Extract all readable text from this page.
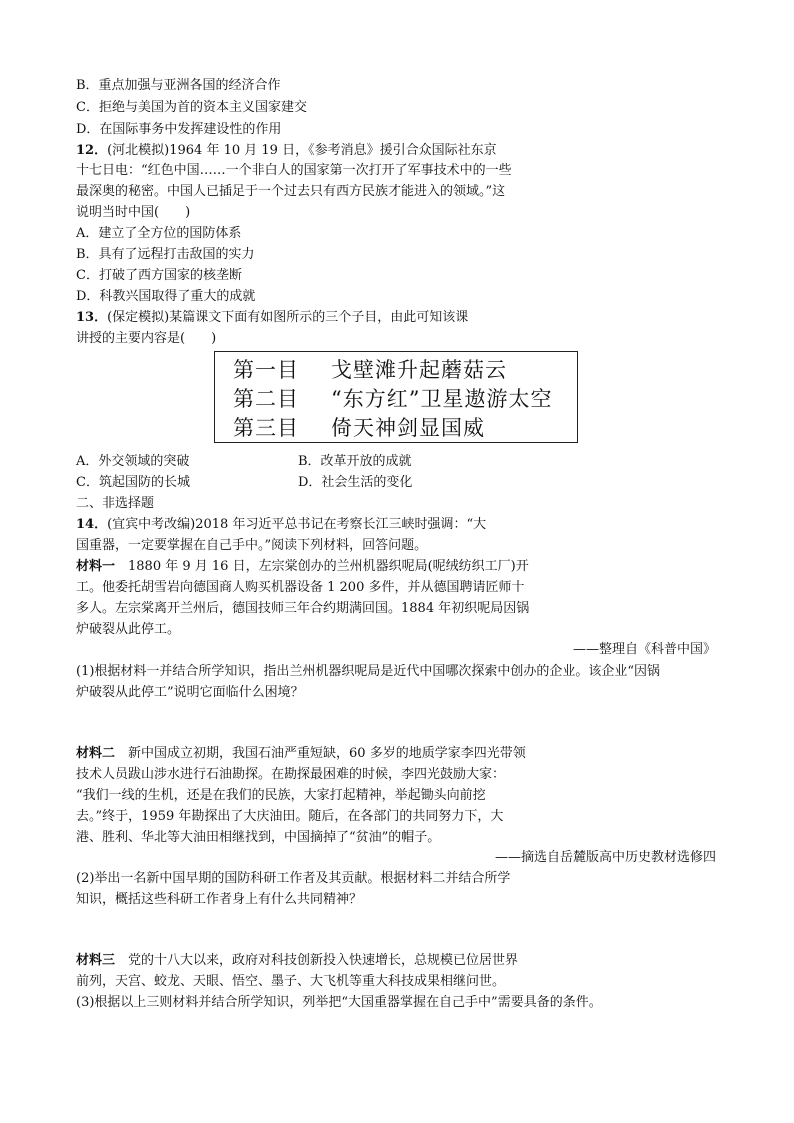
B．重点加强与亚洲各国的经济合作
C．拒绝与美国为首的资本主义国家建交
D．在国际事务中发挥建设性的作用
12．(河北模拟)1964 年 10 月 19 日，《参考消息》援引合众国际社东京
十七日电：“红色中国……一个非白人的国家第一次打开了军事技术中的一些
最深奥的秘密。中国人已插足于一个过去只有西方民族才能进入的领域。”这
说明当时中国(　　)
A．建立了全方位的国防体系
B．具有了远程打击敌国的实力
C．打破了西方国家的核垄断
D．科教兴国取得了重大的成就
13．(保定模拟)某篇课文下面有如图所示的三个子目，由此可知该课
讲授的主要内容是(　　)
第一目 戈壁滩升起蘑菇云
第二目 “东方红”卫星遨游太空
第三目 倚天神剑显国威
A．外交领域的突破	B．改革开放的成就
C．筑起国防的长城	D．社会生活的变化
二、非选择题
14．(宜宾中考改编)2018 年习近平总书记在考察长江三峡时强调：“大
国重器，一定要掌握在自己手中。”阅读下列材料，回答问题。
材料一　1880 年 9 月 16 日，左宗棠创办的兰州机器织呢局(呢绒纺织工厂)开
工。他委托胡雪岩向德国商人购买机器设备 1 200 多件，并从德国聘请匠师十
多人。左宗棠离开兰州后，德国技师三年合约期满回国。1884 年初织呢局因锅
炉破裂从此停工。
——整理自《科普中国》
(1)根据材料一并结合所学知识，指出兰州机器织呢局是近代中国哪次探索中创办的企业。该企业“因锅
炉破裂从此停工”说明它面临什么困境？
材料二　新中国成立初期，我国石油严重短缺，60 多岁的地质学家李四光带领
技术人员跋山涉水进行石油勘探。在勘探最困难的时候，李四光鼓励大家：
“我们一线的生机，还是在我们的民族，大家打起精神，举起锄头向前挖
去。”终于，1959 年勘探出了大庆油田。随后，在各部门的共同努力下，大
港、胜利、华北等大油田相继找到，中国摘掉了“贫油”的帽子。
——摘选自岳麓版高中历史教材选修四
(2)举出一名新中国早期的国防科研工作者及其贡献。根据材料二并结合所学
知识，概括这些科研工作者身上有什么共同精神？
材料三　党的十八大以来，政府对科技创新投入快速增长，总规模已位居世界
前列，天宫、蛟龙、天眼、悟空、墨子、大飞机等重大科技成果相继问世。
(3)根据以上三则材料并结合所学知识，列举把“大国重器掌握在自己手中”需要具备的条件。
